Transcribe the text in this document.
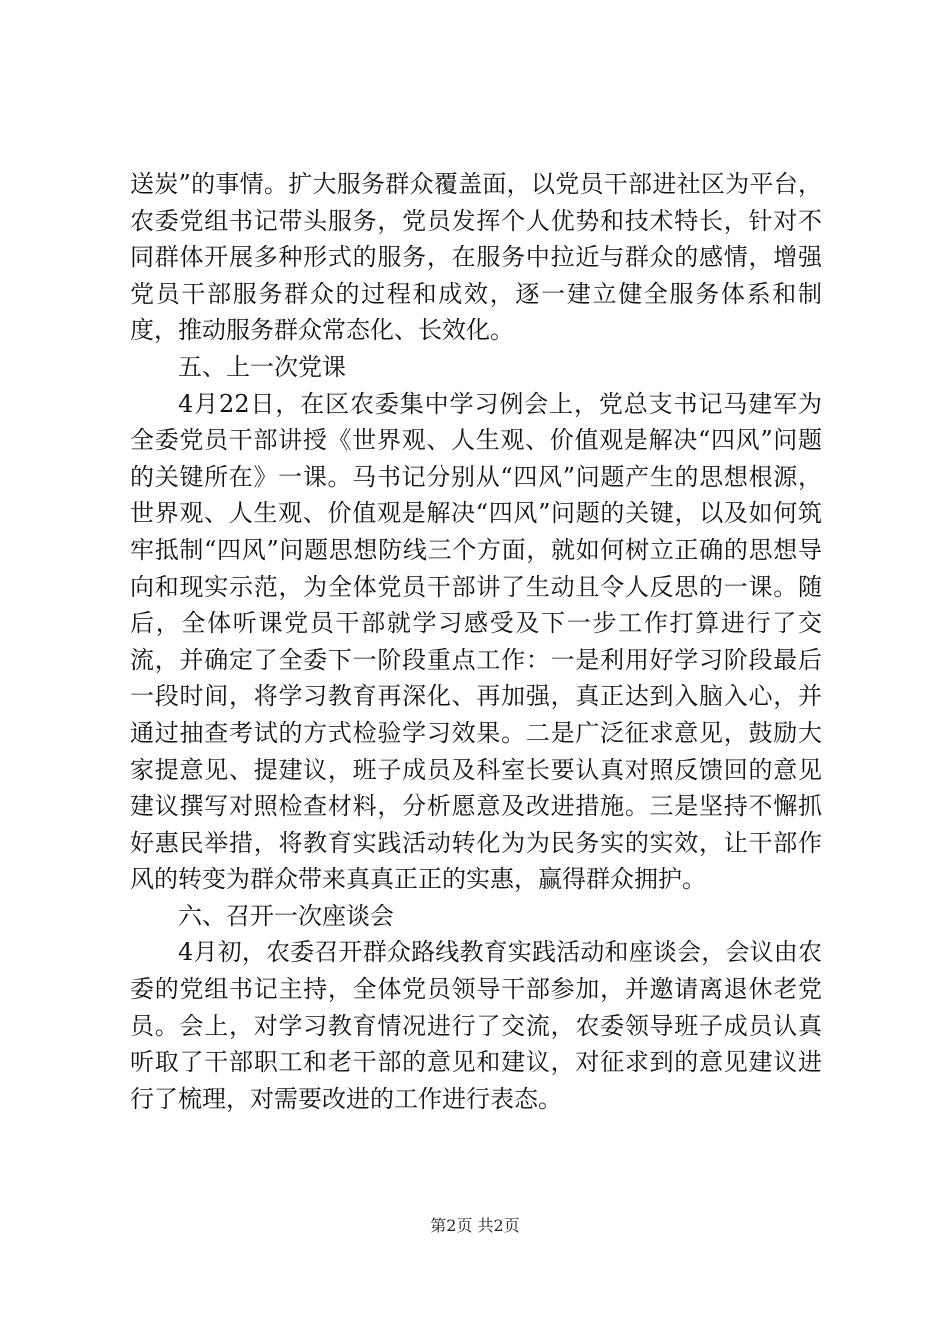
送炭”的事情。扩大服务群众覆盖面，以党员干部进社区为平台，农委党组书记带头服务，党员发挥个人优势和技术特长，针对不同群体开展多种形式的服务，在服务中拉近与群众的感情，增强党员干部服务群众的过程和成效，逐一建立健全服务体系和制度，推动服务群众常态化、长效化。

五、上一次党课

4月22日，在区农委集中学习例会上，党总支书记马建军为全委党员干部讲授《世界观、人生观、价值观是解决“四风”问题的关键所在》一课。马书记分别从“四风”问题产生的思想根源，世界观、人生观、价值观是解决“四风”问题的关键，以及如何筑牢抵制“四风”问题思想防线三个方面，就如何树立正确的思想导向和现实示范，为全体党员干部讲了生动且令人反思的一课。随后，全体听课党员干部就学习感受及下一步工作打算进行了交流，并确定了全委下一阶段重点工作：一是利用好学习阶段最后一段时间，将学习教育再深化、再加强，真正达到入脑入心，并通过抽查考试的方式检验学习效果。二是广泛征求意见，鼓励大家提意见、提建议，班子成员及科室长要认真对照反馈回的意见建议撰写对照检查材料，分析愿意及改进措施。三是坚持不懈抓好惠民举措，将教育实践活动转化为为民务实的实效，让干部作风的转变为群众带来真真正正的实惠，赢得群众拥护。

六、召开一次座谈会

4月初，农委召开群众路线教育实践活动和座谈会，会议由农委的党组书记主持，全体党员领导干部参加，并邀请离退休老党员。会上，对学习教育情况进行了交流，农委领导班子成员认真听取了干部职工和老干部的意见和建议，对征求到的意见建议进行了梳理，对需要改进的工作进行表态。

第2页 共2页
